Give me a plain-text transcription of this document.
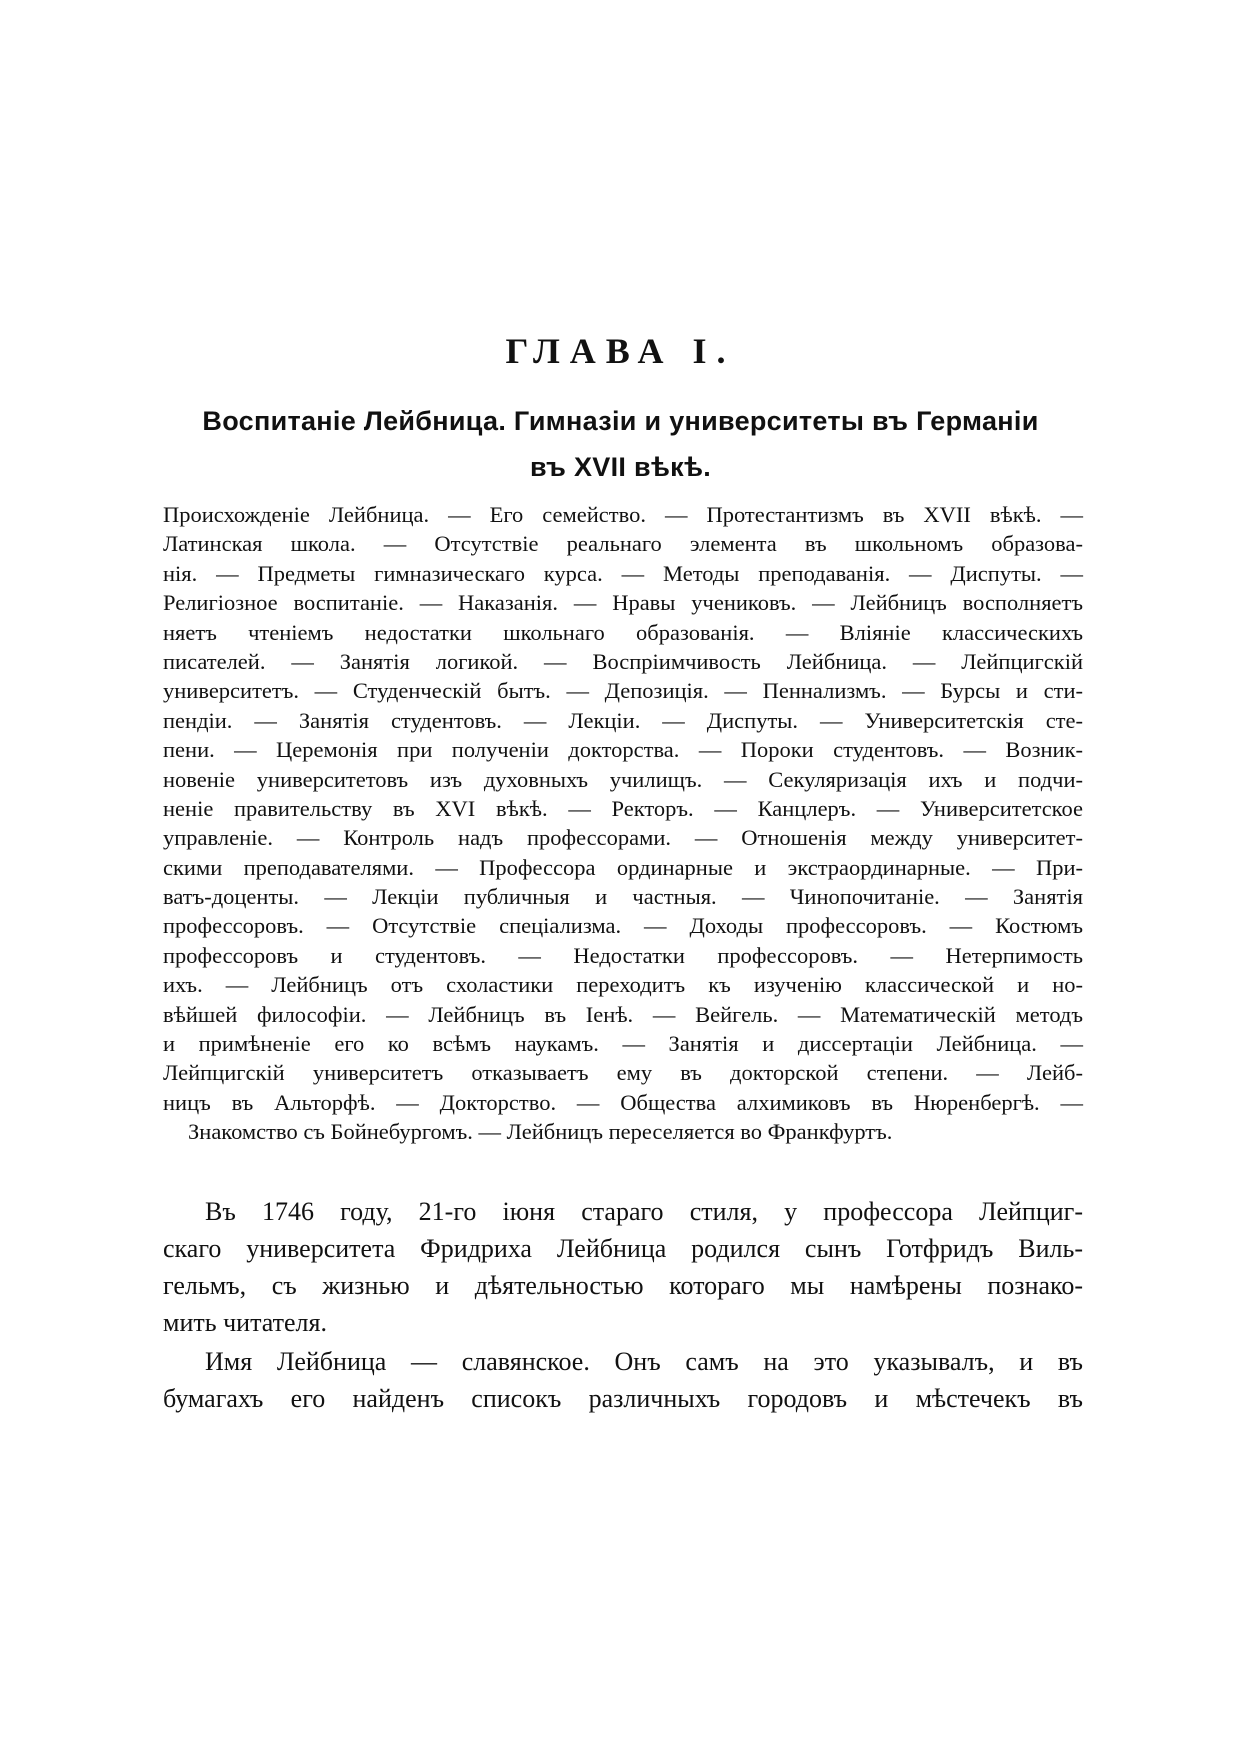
ГЛАВА I.
Воспитаніе Лейбница. Гимназіи и университеты въ Германіи
въ XVII вѣкѣ.
Происхожденіе Лейбница. — Его семейство. — Протестантизмъ въ XVII вѣкѣ. —
Латинская школа. — Отсутствіе реальнаго элемента въ школьномъ образова-
нія. — Предметы гимназическаго курса. — Методы преподаванія. — Диспуты. —
Религіозное воспитаніе. — Наказанія. — Нравы учениковъ. — Лейбницъ восполняетъ
няетъ чтеніемъ недостатки школьнаго образованія. — Вліяніе классическихъ
писателей. — Занятія логикой. — Воспріимчивость Лейбница. — Лейпцигскій
университетъ. — Студенческій бытъ. — Депозиція. — Пеннализмъ. — Бурсы и сти-
пендіи. — Занятія студентовъ. — Лекціи. — Диспуты. — Университетскія сте-
пени. — Церемонія при полученіи докторства. — Пороки студентовъ. — Возник-
новеніе университетовъ изъ духовныхъ училищъ. — Секуляризація ихъ и подчи-
неніе правительству въ XVI вѣкѣ. — Ректоръ. — Канцлеръ. — Университетское
управленіе. — Контроль надъ профессорами. — Отношенія между университет-
скими преподавателями. — Профессора ординарные и экстраординарные. — При-
ватъ-доценты. — Лекціи публичныя и частныя. — Чинопочитаніе. — Занятія
профессоровъ. — Отсутствіе спеціализма. — Доходы профессоровъ. — Костюмъ
профессоровъ и студентовъ. — Недостатки профессоровъ. — Нетерпимость
ихъ. — Лейбницъ отъ схоластики переходитъ къ изученію классической и но-
вѣйшей философіи. — Лейбницъ въ Іенѣ. — Вейгель. — Математическій методъ
и примѣненіе его ко всѣмъ наукамъ. — Занятія и диссертаціи Лейбница. —
Лейпцигскій университетъ отказываетъ ему въ докторской степени. — Лейб-
ницъ въ Альторфѣ. — Докторство. — Общества алхимиковъ въ Нюренбергѣ. —
Знакомство съ Бойнебургомъ. — Лейбницъ переселяется во Франкфуртъ.
Въ 1746 году, 21-го іюня стараго стиля, у профессора Лейпциг-
скаго университета Фридриха Лейбница родился сынъ Готфридъ Виль-
гельмъ, съ жизнью и дѣятельностью котораго мы намѣрены познако-
мить читателя.
Имя Лейбница — славянское. Онъ самъ на это указывалъ, и въ
бумагахъ его найденъ списокъ различныхъ городовъ и мѣстечекъ въ
